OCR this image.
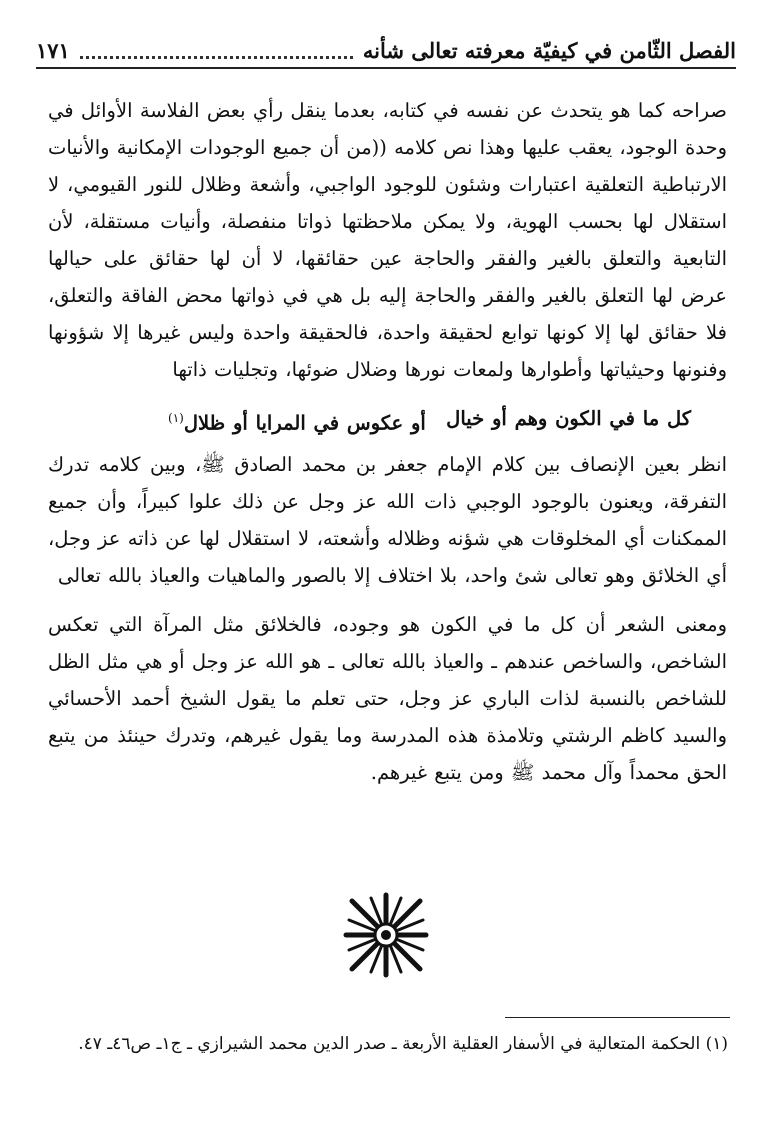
الفصل الثّامن في كيفيّة معرفته تعالى شأنه
١٧١

صراحه كما هو يتحدث عن نفسه في كتابه، بعدما ينقل رأي بعض الفلاسة الأوائل في وحدة الوجود، يعقب عليها وهذا نص كلامه ((من أن جميع الوجودات الإمكانية والأنيات الارتباطية التعلقية اعتبارات وشئون للوجود الواجبي، وأشعة وظلال للنور القيومي، لا استقلال لها بحسب الهوية، ولا يمكن ملاحظتها ذواتا منفصلة، وأنيات مستقلة، لأن التابعية والتعلق بالغير والفقر والحاجة عين حقائقها، لا أن لها حقائق على حيالها عرض لها التعلق بالغير والفقر والحاجة إليه بل هي في ذواتها محض الفاقة والتعلق، فلا حقائق لها إلا كونها توابع لحقيقة واحدة، فالحقيقة واحدة وليس غيرها إلا شؤونها وفنونها وحيثياتها وأطوارها ولمعات نورها وضلال ضوئها، وتجليات ذاتها

كل ما في الكون وهم أو خيال
أو عكوس في المرايا أو ظلال$^{(١)}$

انظر بعين الإنصاف بين كلام الإمام جعفر بن محمد الصادق ﷺ، وبين كلامه تدرك التفرقة، ويعنون بالوجود الوجبي ذات الله عز وجل عن ذلك علوا كبيراً، وأن جميع الممكنات أي المخلوقات هي شؤنه وظلاله وأشعته، لا استقلال لها عن ذاته عز وجل، أي الخلائق وهو تعالى شئ واحد، بلا اختلاف إلا بالصور والماهيات والعياذ بالله تعالى

ومعنى الشعر أن كل ما في الكون هو وجوده، فالخلائق مثل المرآة التي تعكس الشاخص، والساخص عندهم ـ والعياذ بالله تعالى ـ هو الله عز وجل أو هي مثل الظل للشاخص بالنسبة لذات الباري عز وجل، حتى تعلم ما يقول الشيخ أحمد الأحسائي والسيد كاظم الرشتي وتلامذة هذه المدرسة وما يقول غيرهم، وتدرك حينئذ من يتبع الحق محمداً وآل محمد ﷺ ومن يتبع غيرهم.

(١) الحكمة المتعالية في الأسفار العقلية الأربعة ـ صدر الدين محمد الشيرازي ـ ج١ـ ص٤٦ـ ٤٧.
